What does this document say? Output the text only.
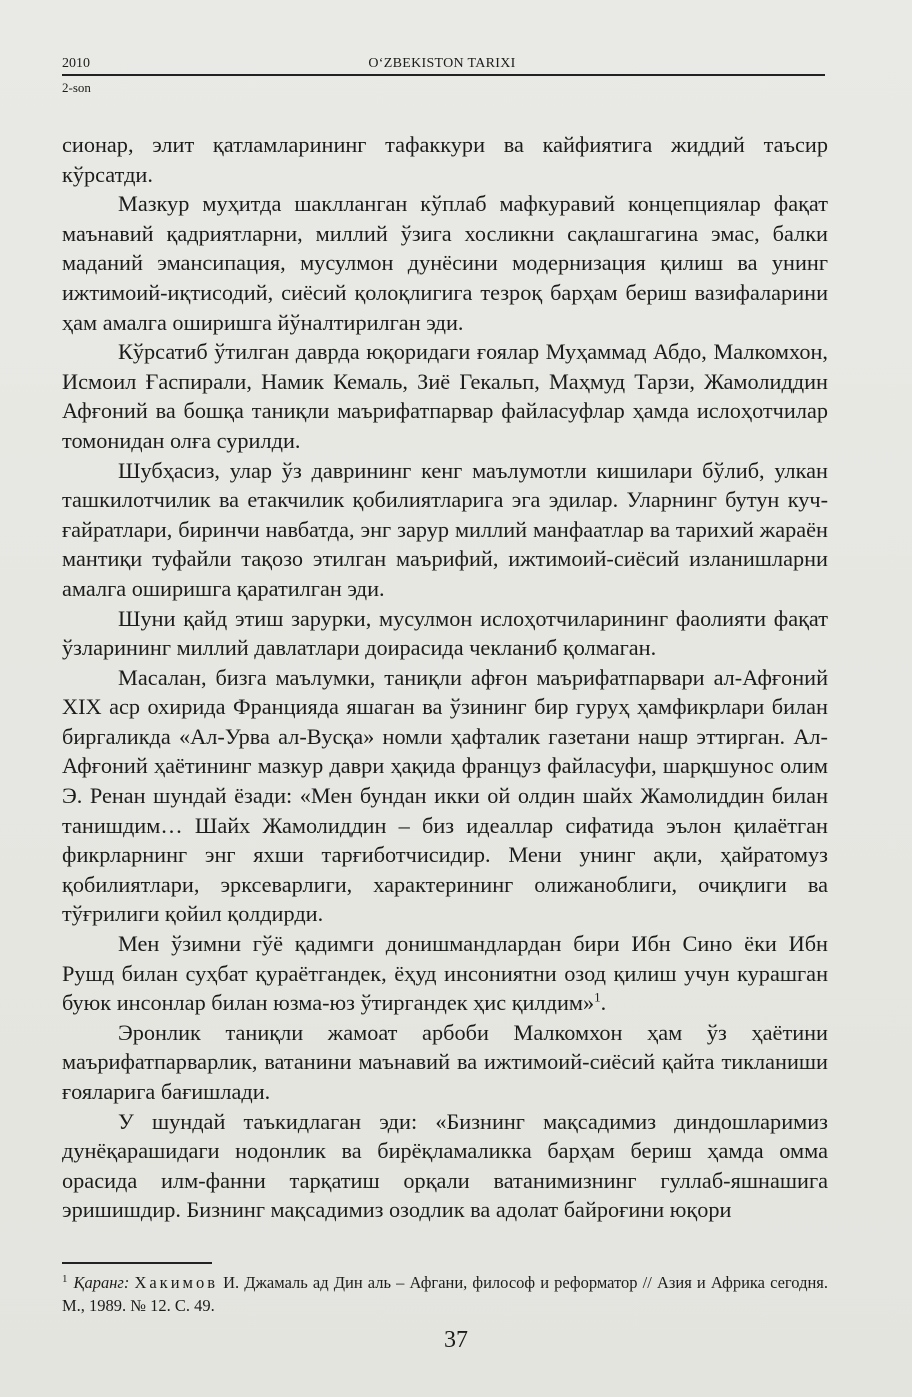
2010	O‘ZBEKISTON TARIXI
2-son

сионар, элит қатламларининг тафаккури ва кайфиятига жиддий таъсир кўрсатди.

Мазкур муҳитда шаклланган кўплаб мафкуравий концепциялар фақат маънавий қадриятларни, миллий ўзига хосликни сақлашгагина эмас, балки маданий эмансипация, мусулмон дунёсини модернизация қилиш ва унинг ижтимоий-иқтисодий, сиёсий қолоқлигига тезроқ барҳам бериш вазифаларини ҳам амалга оширишга йўналтирилган эди.

Кўрсатиб ўтилган даврда юқоридаги ғоялар Муҳаммад Абдо, Малкомхон, Исмоил Ғаспирали, Намик Кемаль, Зиё Гекальп, Маҳмуд Тарзи, Жамолиддин Афғоний ва бошқа таниқли маърифатпарвар файласуфлар ҳамда ислоҳотчилар томонидан олға сурилди.

Шубҳасиз, улар ўз даврининг кенг маълумотли кишилари бўлиб, улкан ташкилотчилик ва етакчилик қобилиятларига эга эдилар. Уларнинг бутун куч-ғайратлари, биринчи навбатда, энг зарур миллий манфаатлар ва тарихий жараён мантиқи туфайли тақозо этилган маърифий, ижтимоий-сиёсий изланишларни амалга оширишга қаратилган эди.

Шуни қайд этиш зарурки, мусулмон ислоҳотчиларининг фаолияти фақат ўзларининг миллий давлатлари доирасида чекланиб қолмаган.

Масалан, бизга маълумки, таниқли афғон маърифатпарвари ал-Афғоний XIX аср охирида Францияда яшаган ва ўзининг бир гуруҳ ҳамфикрлари билан биргаликда «Ал-Урва ал-Вусқа» номли ҳафталик газетани нашр эттирган. Ал-Афғоний ҳаётининг мазкур даври ҳақида француз файласуфи, шарқшунос олим Э. Ренан шундай ёзади: «Мен бундан икки ой олдин шайх Жамолиддин билан танишдим… Шайх Жамолиддин – биз идеаллар сифатида эълон қилаётган фикрларнинг энг яхши тарғиботчисидир. Мени унинг ақли, ҳайратомуз қобилиятлари, эрксеварлиги, характерининг олижаноблиги, очиқлиги ва тўғрилиги қойил қолдирди.

Мен ўзимни гўё қадимги донишмандлардан бири Ибн Сино ёки Ибн Рушд билан суҳбат қураётгандек, ёҳуд инсониятни озод қилиш учун курашган буюк инсонлар билан юзма-юз ўтиргандек ҳис қилдим»$^1$.

Эронлик таниқли жамоат арбоби Малкомхон ҳам ўз ҳаётини маърифатпарварлик, ватанини маънавий ва ижтимоий-сиёсий қайта тикланиши ғояларига бағишлади.

У шундай таъкидлаган эди: «Бизнинг мақсадимиз диндошларимиз дунёқарашидаги нодонлик ва бирёқламаликка барҳам бериш ҳамда омма орасида илм-фанни тарқатиш орқали ватанимизнинг гуллаб-яшнашига эришишдир. Бизнинг мақсадимиз озодлик ва адолат байроғини юқори

$^1$ Қаранг: Хакимов И. Джамаль ад Дин аль – Афгани, философ и реформатор // Азия и Африка сегодня. М., 1989. № 12. С. 49.
37
